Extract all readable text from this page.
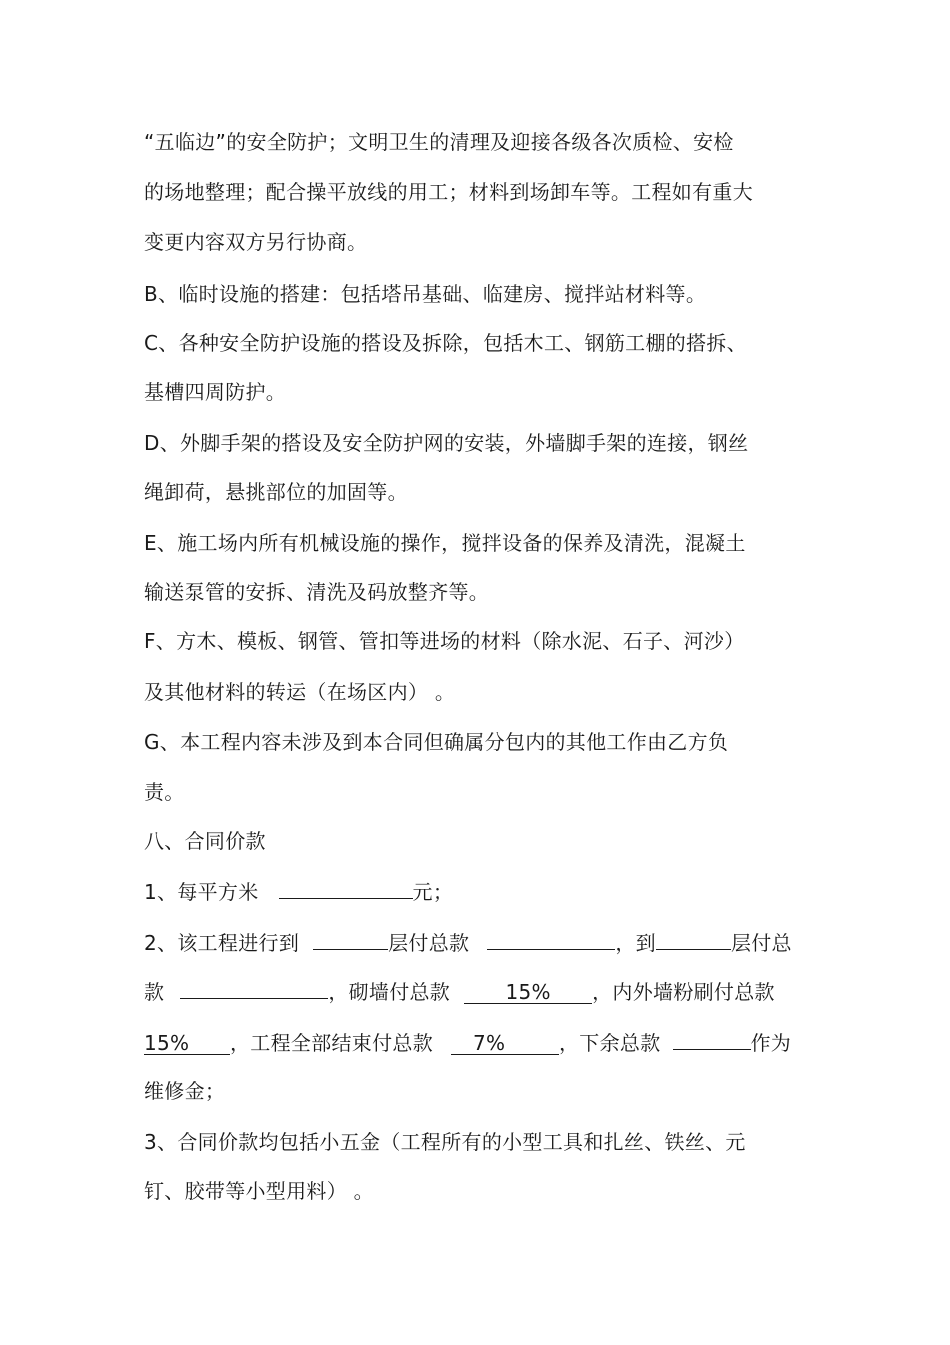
“五临边”的安全防护；文明卫生的清理及迎接各级各次质检、安检
的场地整理；配合操平放线的用工；材料到场卸车等。工程如有重大
变更内容双方另行协商。
B、临时设施的搭建：包括塔吊基础、临建房、搅拌站材料等。
C、各种安全防护设施的搭设及拆除，包括木工、钢筋工棚的搭拆、
基槽四周防护。
D、外脚手架的搭设及安全防护网的安装，外墙脚手架的连接，钢丝
绳卸荷，悬挑部位的加固等。
E、施工场内所有机械设施的操作，搅拌设备的保养及清洗，混凝土
输送泵管的安拆、清洗及码放整齐等。
F、方木、模板、钢管、管扣等进场的材料（除水泥、石子、河沙）
及其他材料的转运（在场区内） 。
G、本工程内容未涉及到本合同但确属分包内的其他工作由乙方负
责。
八、合同价款
1、每平方米	元；
2、该工程进行到	层付总款	，到	层付总
款	，砌墙付总款	15% ，内外墙粉刷付总款
15% ，工程全部结束付总款 7%	，下余总款	作为
维修金；
3、合同价款均包括小五金（工程所有的小型工具和扎丝、铁丝、元
钉、胶带等小型用料） 。
